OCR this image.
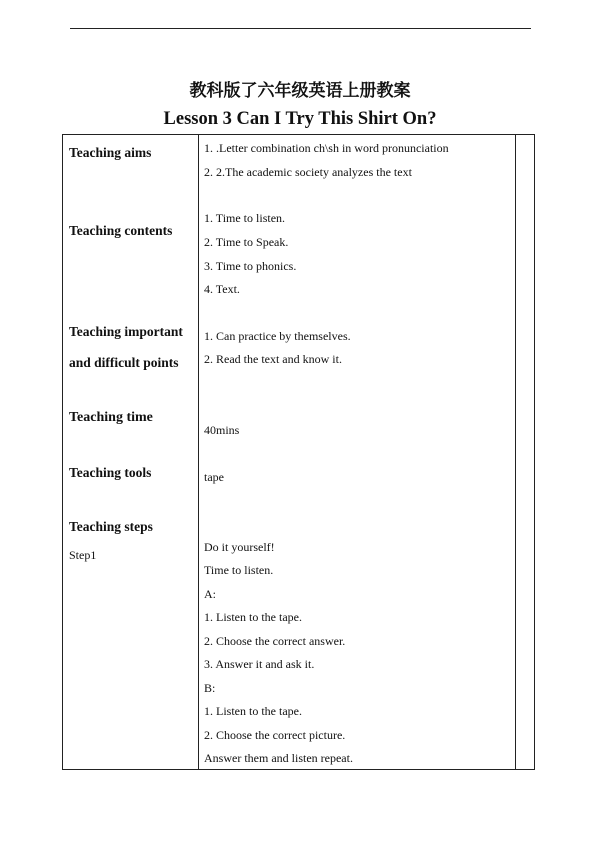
教科版了六年级英语上册教案
Lesson 3 Can I Try This Shirt On?
Teaching aims	1. .Letter combination ch\sh in word pronunciation
2. 2.The academic society analyzes the text
Teaching contents
1. Time to listen.
2. Time to Speak.
3. Time to phonics.
4. Text.
Teaching important
and difficult points
1. Can practice by themselves.
2. Read the text and know it.
Teaching time
40mins
Teaching tools	tape
Teaching steps
Step1
Do it yourself!
Time to listen.
A:
1. Listen to the tape.
2. Choose the correct answer.
3. Answer it and ask it.
B:
1. Listen to the tape.
2. Choose the correct picture.
Answer them and listen repeat.
